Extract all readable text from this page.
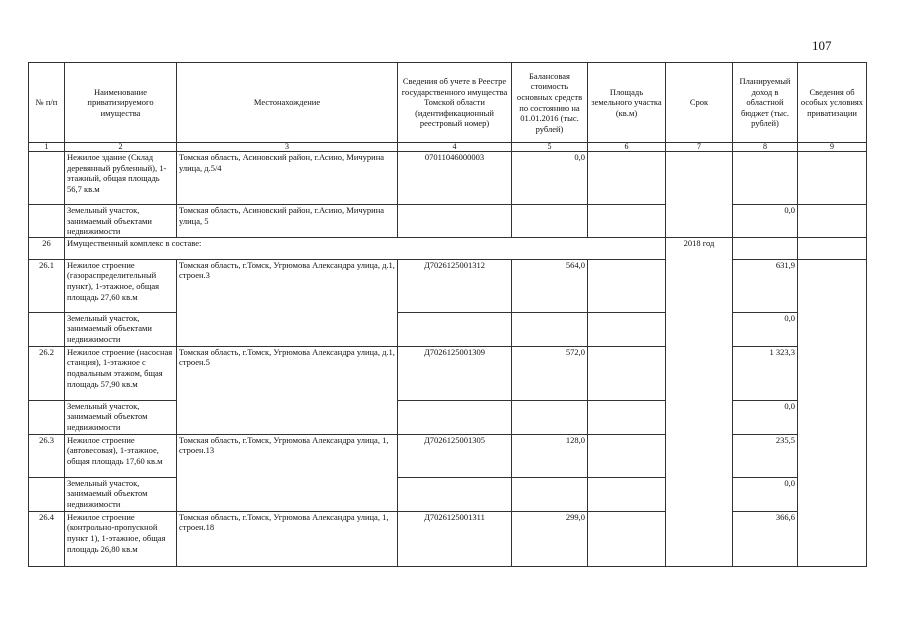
107
№ п/п	Наименование приватизируемого имущества	Местонахождение	Сведения об учете в Реестре государственного имущества Томской области (идентификационный реестровый номер)	Балансовая стоимость основных средств по состоянию на 01.01.2016 (тыс. рублей)	Площадь земельного участка (кв.м)	Срок	Планируемый доход в областной бюджет (тыс. рублей)	Сведения об особых условиях приватизации
1	2	3	4	5	6	7	8	9
	Нежилое здание (Склад деревянный рубленный), 1-этажный, общая площадь 56,7 кв.м	Томская область, Асиновский район, г.Асино, Мичурина улица, д.5/4	07011046000003	0,0				
	Земельный участок, занимаемый объектами недвижимости	Томская область, Асиновский район, г.Асино, Мичурина улица, 5					0,0	
26	Имущественный комплекс в составе:					2018 год		
26.1	Нежилое строение (газораспределительный пункт), 1-этажное, общая площадь 27,60 кв.м	Томская область, г.Томск, Угрюмова Александра улица, д.1, строен.3	Д7026125001312	564,0			631,9	
	Земельный участок, занимаемый объектами недвижимости						0,0	
26.2	Нежилое строение (насосная станция), 1-этажное с подвальным этажом, бщая площадь 57,90 кв.м	Томская область, г.Томск, Угрюмова Александра улица, д.1, строен.5	Д7026125001309	572,0			1 323,3	
	Земельный участок, занимаемый объектом недвижимости						0,0	
26.3	Нежилое строение (автовесовая), 1-этажное, общая площадь 17,60 кв.м	Томская область, г.Томск, Угрюмова Александра улица, 1, строен.13	Д7026125001305	128,0			235,5	
	Земельный участок, занимаемый объектом недвижимости						0,0	
26.4	Нежилое строение (контрольно-пропускной пункт 1), 1-этажное, общая площадь 26,80 кв.м	Томская область, г.Томск, Угрюмова Александра улица, 1, строен.18	Д7026125001311	299,0			366,6	
